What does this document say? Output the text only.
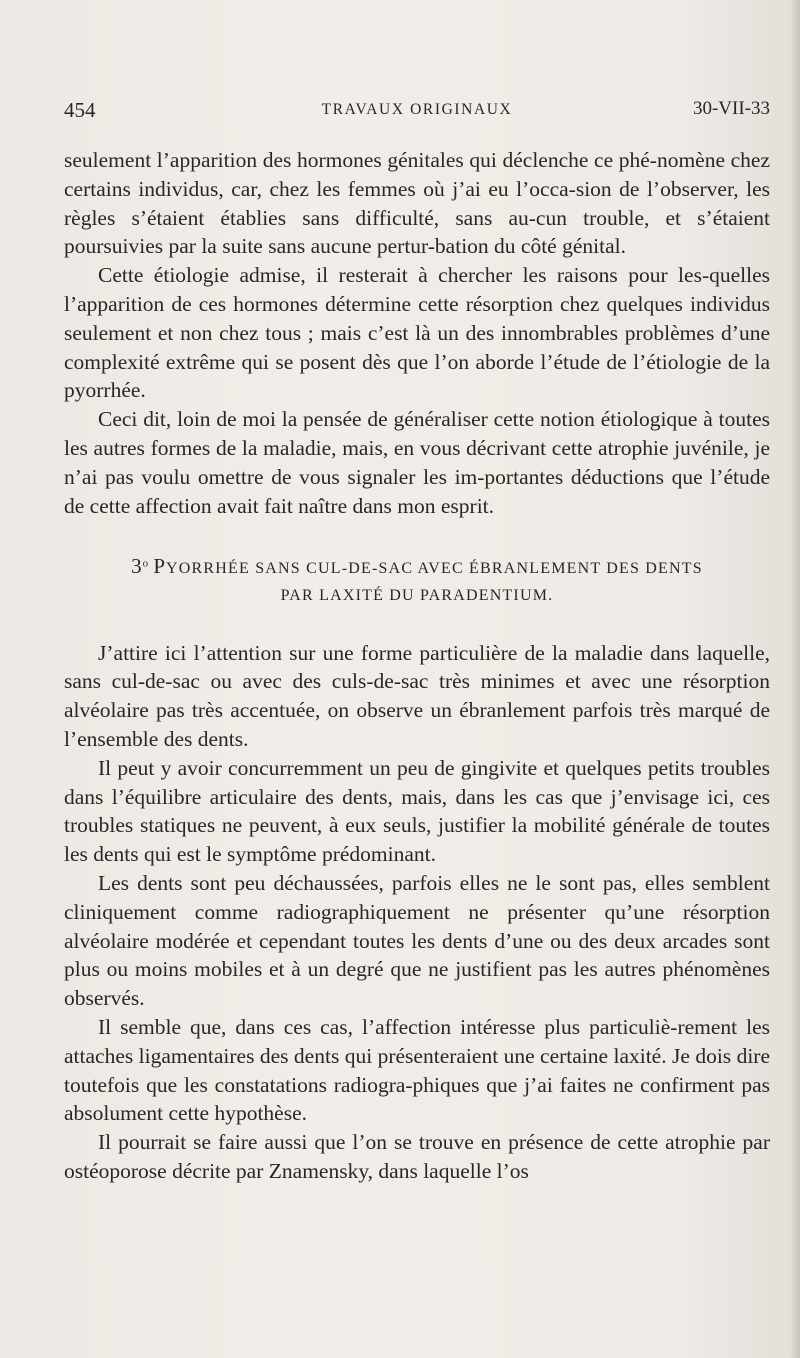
454	TRAVAUX ORIGINAUX	30-VII-33

seulement l’apparition des hormones génitales qui déclenche ce phé-nomène chez certains individus, car, chez les femmes où j’ai eu l’occa-sion de l’observer, les règles s’étaient établies sans difficulté, sans au-cun trouble, et s’étaient poursuivies par la suite sans aucune pertur-bation du côté génital.

Cette étiologie admise, il resterait à chercher les raisons pour les-quelles l’apparition de ces hormones détermine cette résorption chez quelques individus seulement et non chez tous ; mais c’est là un des innombrables problèmes d’une complexité extrême qui se posent dès que l’on aborde l’étude de l’étiologie de la pyorrhée.

Ceci dit, loin de moi la pensée de généraliser cette notion étiologique à toutes les autres formes de la maladie, mais, en vous décrivant cette atrophie juvénile, je n’ai pas voulu omettre de vous signaler les im-portantes déductions que l’étude de cette affection avait fait naître dans mon esprit.

3$^o$ PYORRHÉE SANS CUL-DE-SAC AVEC ÉBRANLEMENT DES DENTS
PAR LAXITÉ DU PARADENTIUM.

J’attire ici l’attention sur une forme particulière de la maladie dans laquelle, sans cul-de-sac ou avec des culs-de-sac très minimes et avec une résorption alvéolaire pas très accentuée, on observe un ébranlement parfois très marqué de l’ensemble des dents.

Il peut y avoir concurremment un peu de gingivite et quelques petits troubles dans l’équilibre articulaire des dents, mais, dans les cas que j’envisage ici, ces troubles statiques ne peuvent, à eux seuls, justifier la mobilité générale de toutes les dents qui est le symptôme prédominant.

Les dents sont peu déchaussées, parfois elles ne le sont pas, elles semblent cliniquement comme radiographiquement ne présenter qu’une résorption alvéolaire modérée et cependant toutes les dents d’une ou des deux arcades sont plus ou moins mobiles et à un degré que ne justifient pas les autres phénomènes observés.

Il semble que, dans ces cas, l’affection intéresse plus particuliè-rement les attaches ligamentaires des dents qui présenteraient une certaine laxité. Je dois dire toutefois que les constatations radiogra-phiques que j’ai faites ne confirment pas absolument cette hypothèse.

Il pourrait se faire aussi que l’on se trouve en présence de cette atrophie par ostéoporose décrite par Znamensky, dans laquelle l’os
